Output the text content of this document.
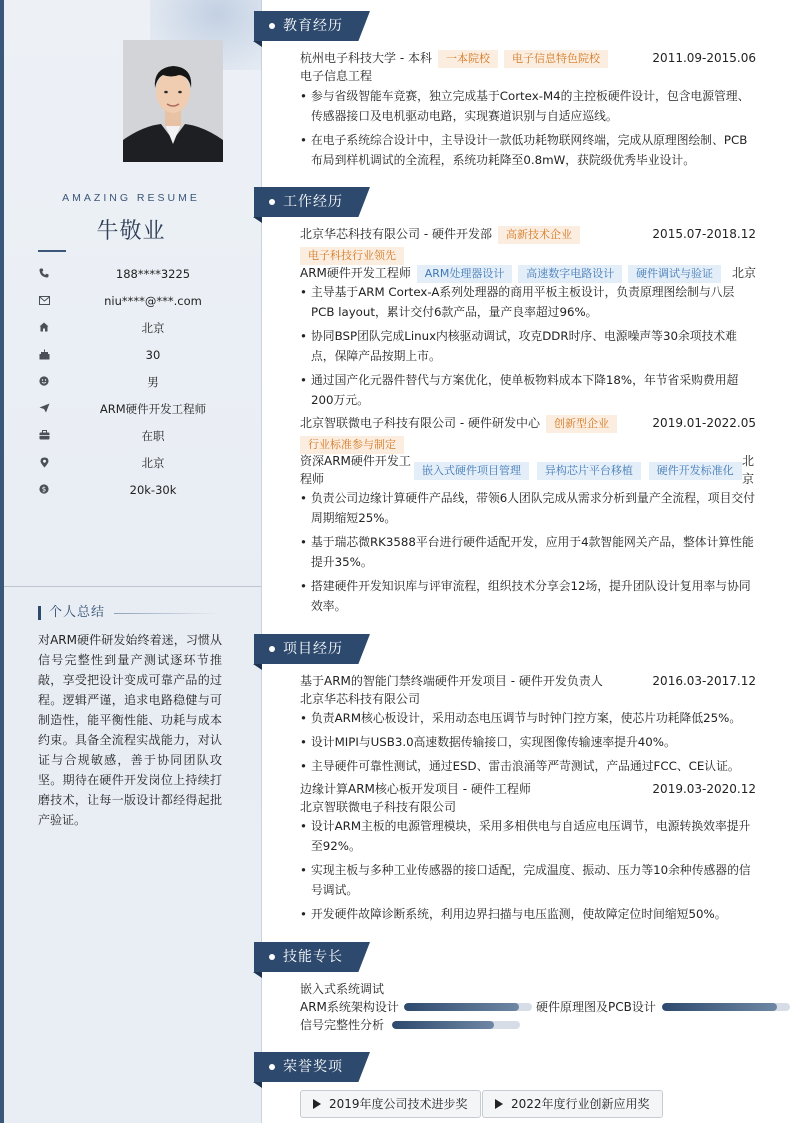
AMAZING RESUME
牛敬业
188****3225
niu****@***.com
北京
30
男
ARM硬件开发工程师
在职
北京
$	20k-30k
个人总结
对ARM硬件研发始终着迷，习惯从信号完整性到量产测试逐环节推敲，享受把设计变成可靠产品的过程。逻辑严谨，追求电路稳健与可制造性，能平衡性能、功耗与成本约束。具备全流程实战能力，对认证与合规敏感，善于协同团队攻坚。期待在硬件开发岗位上持续打磨技术，让每一版设计都经得起批产验证。
教育经历
杭州电子科技大学 - 本科 一本院校 电子信息特色院校	2011.09-2015.06
电子信息工程
• 参与省级智能车竞赛，独立完成基于Cortex-M4的主控板硬件设计，包含电源管理、传感器接口及电机驱动电路，实现赛道识别与自适应巡线。
• 在电子系统综合设计中，主导设计一款低功耗物联网终端，完成从原理图绘制、PCB布局到样机调试的全流程，系统功耗降至0.8mW，获院级优秀毕业设计。
工作经历
北京华芯科技有限公司 - 硬件开发部 高新技术企业	2015.07-2018.12
电子科技行业领先
ARM硬件开发工程师 ARM处理器设计 高速数字电路设计 硬件调试与验证 北京
• 主导基于ARM Cortex-A系列处理器的商用平板主板设计，负责原理图绘制与八层PCB layout，累计交付6款产品，量产良率超过96%。
• 协同BSP团队完成Linux内核驱动调试，攻克DDR时序、电源噪声等30余项技术难点，保障产品按期上市。
• 通过国产化元器件替代与方案优化，使单板物料成本下降18%，年节省采购费用超200万元。
北京智联微电子科技有限公司 - 硬件研发中心 创新型企业	2019.01-2022.05
行业标准参与制定
资深ARM硬件开发工程师
嵌入式硬件项目管理 异构芯片平台移植 硬件开发标准化
北京
• 负责公司边缘计算硬件产品线，带领6人团队完成从需求分析到量产全流程，项目交付周期缩短25%。
• 基于瑞芯微RK3588平台进行硬件适配开发，应用于4款智能网关产品，整体计算性能提升35%。
• 搭建硬件开发知识库与评审流程，组织技术分享会12场，提升团队设计复用率与协同效率。
项目经历
基于ARM的智能门禁终端硬件开发项目 - 硬件开发负责人	2016.03-2017.12
北京华芯科技有限公司
• 负责ARM核心板设计，采用动态电压调节与时钟门控方案，使芯片功耗降低25%。
• 设计MIPI与USB3.0高速数据传输接口，实现图像传输速率提升40%。
• 主导硬件可靠性测试，通过ESD、雷击浪涌等严苛测试，产品通过FCC、CE认证。
边缘计算ARM核心板开发项目 - 硬件工程师	2019.03-2020.12
北京智联微电子科技有限公司
• 设计ARM主板的电源管理模块，采用多相供电与自适应电压调节，电源转换效率提升至92%。
• 实现主板与多种工业传感器的接口适配，完成温度、振动、压力等10余种传感器的信号调试。
• 开发硬件故障诊断系统，利用边界扫描与电压监测，使故障定位时间缩短50%。
技能专长
嵌入式系统调试
ARM系统架构设计	硬件原理图及PCB设计
信号完整性分析
荣誉奖项
2019年度公司技术进步奖	2022年度行业创新应用奖
